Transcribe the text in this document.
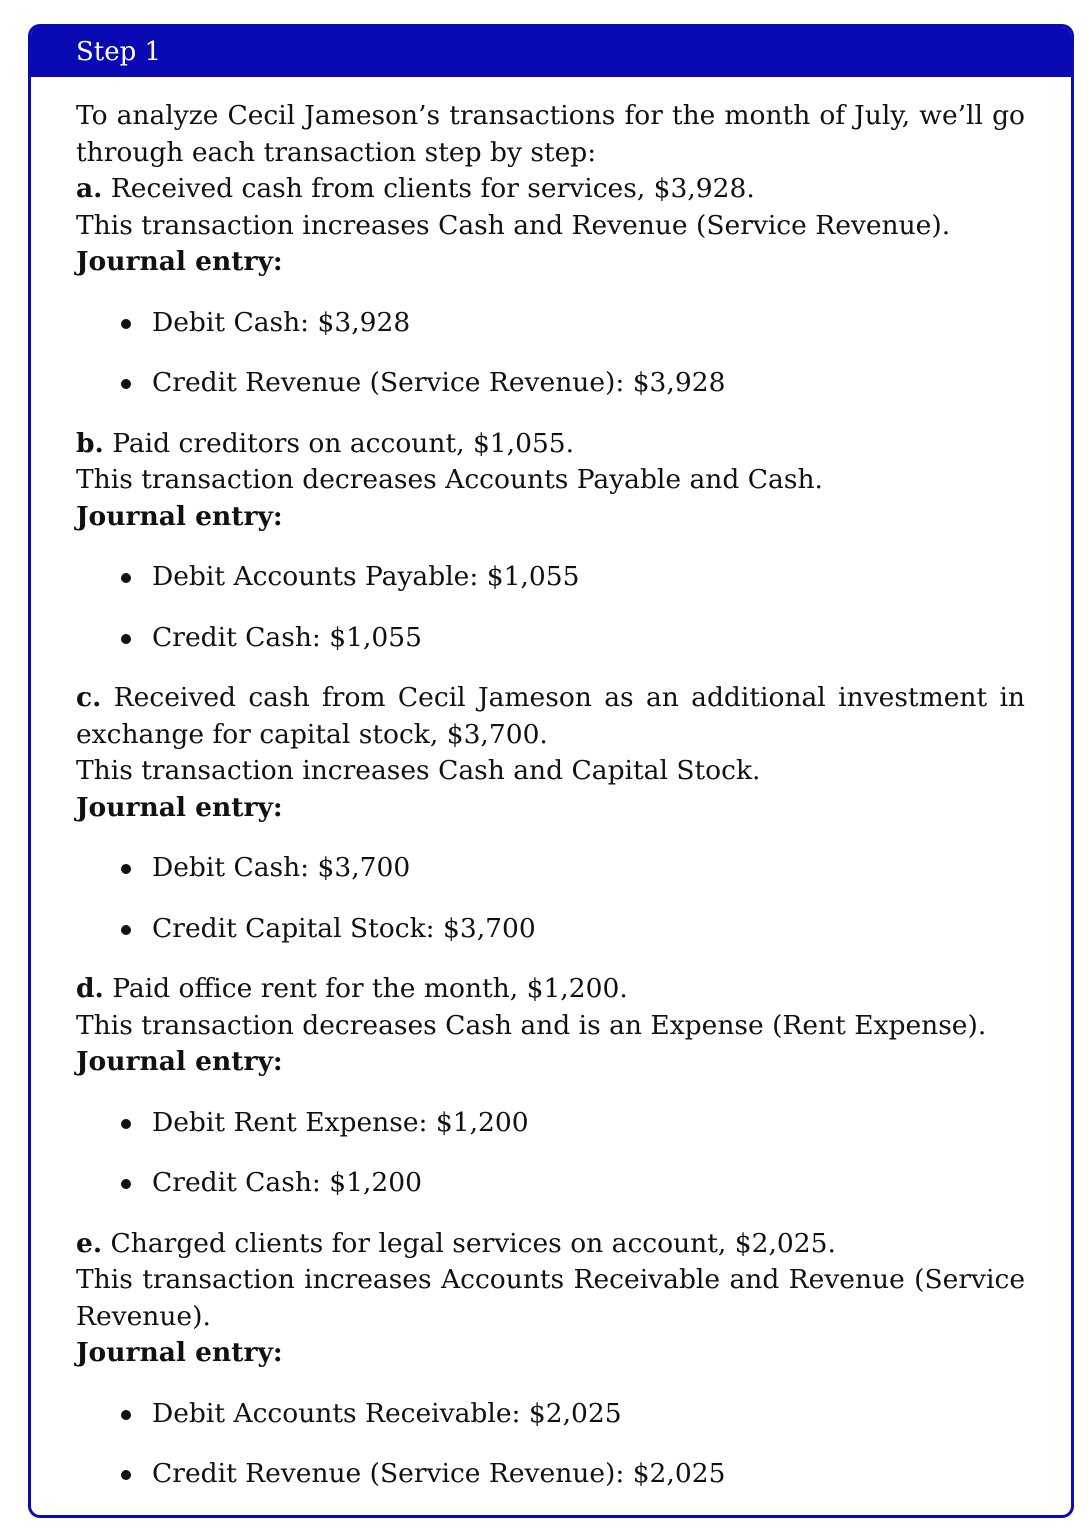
Step 1

To analyze Cecil Jameson’s transactions for the month of July, we’ll go through each transaction step by step:

a. Received cash from clients for services, $3,928.

This transaction increases Cash and Revenue (Service Revenue).

Journal entry:

Debit Cash: $3,928
Credit Revenue (Service Revenue): $3,928

b. Paid creditors on account, $1,055.

This transaction decreases Accounts Payable and Cash.

Journal entry:

Debit Accounts Payable: $1,055
Credit Cash: $1,055

c. Received cash from Cecil Jameson as an additional investment in exchange for capital stock, $3,700.

This transaction increases Cash and Capital Stock.

Journal entry:

Debit Cash: $3,700
Credit Capital Stock: $3,700

d. Paid office rent for the month, $1,200.

This transaction decreases Cash and is an Expense (Rent Expense).

Journal entry:

Debit Rent Expense: $1,200
Credit Cash: $1,200

e. Charged clients for legal services on account, $2,025.

This transaction increases Accounts Receivable and Revenue (Service Revenue).

Journal entry:

Debit Accounts Receivable: $2,025
Credit Revenue (Service Revenue): $2,025
